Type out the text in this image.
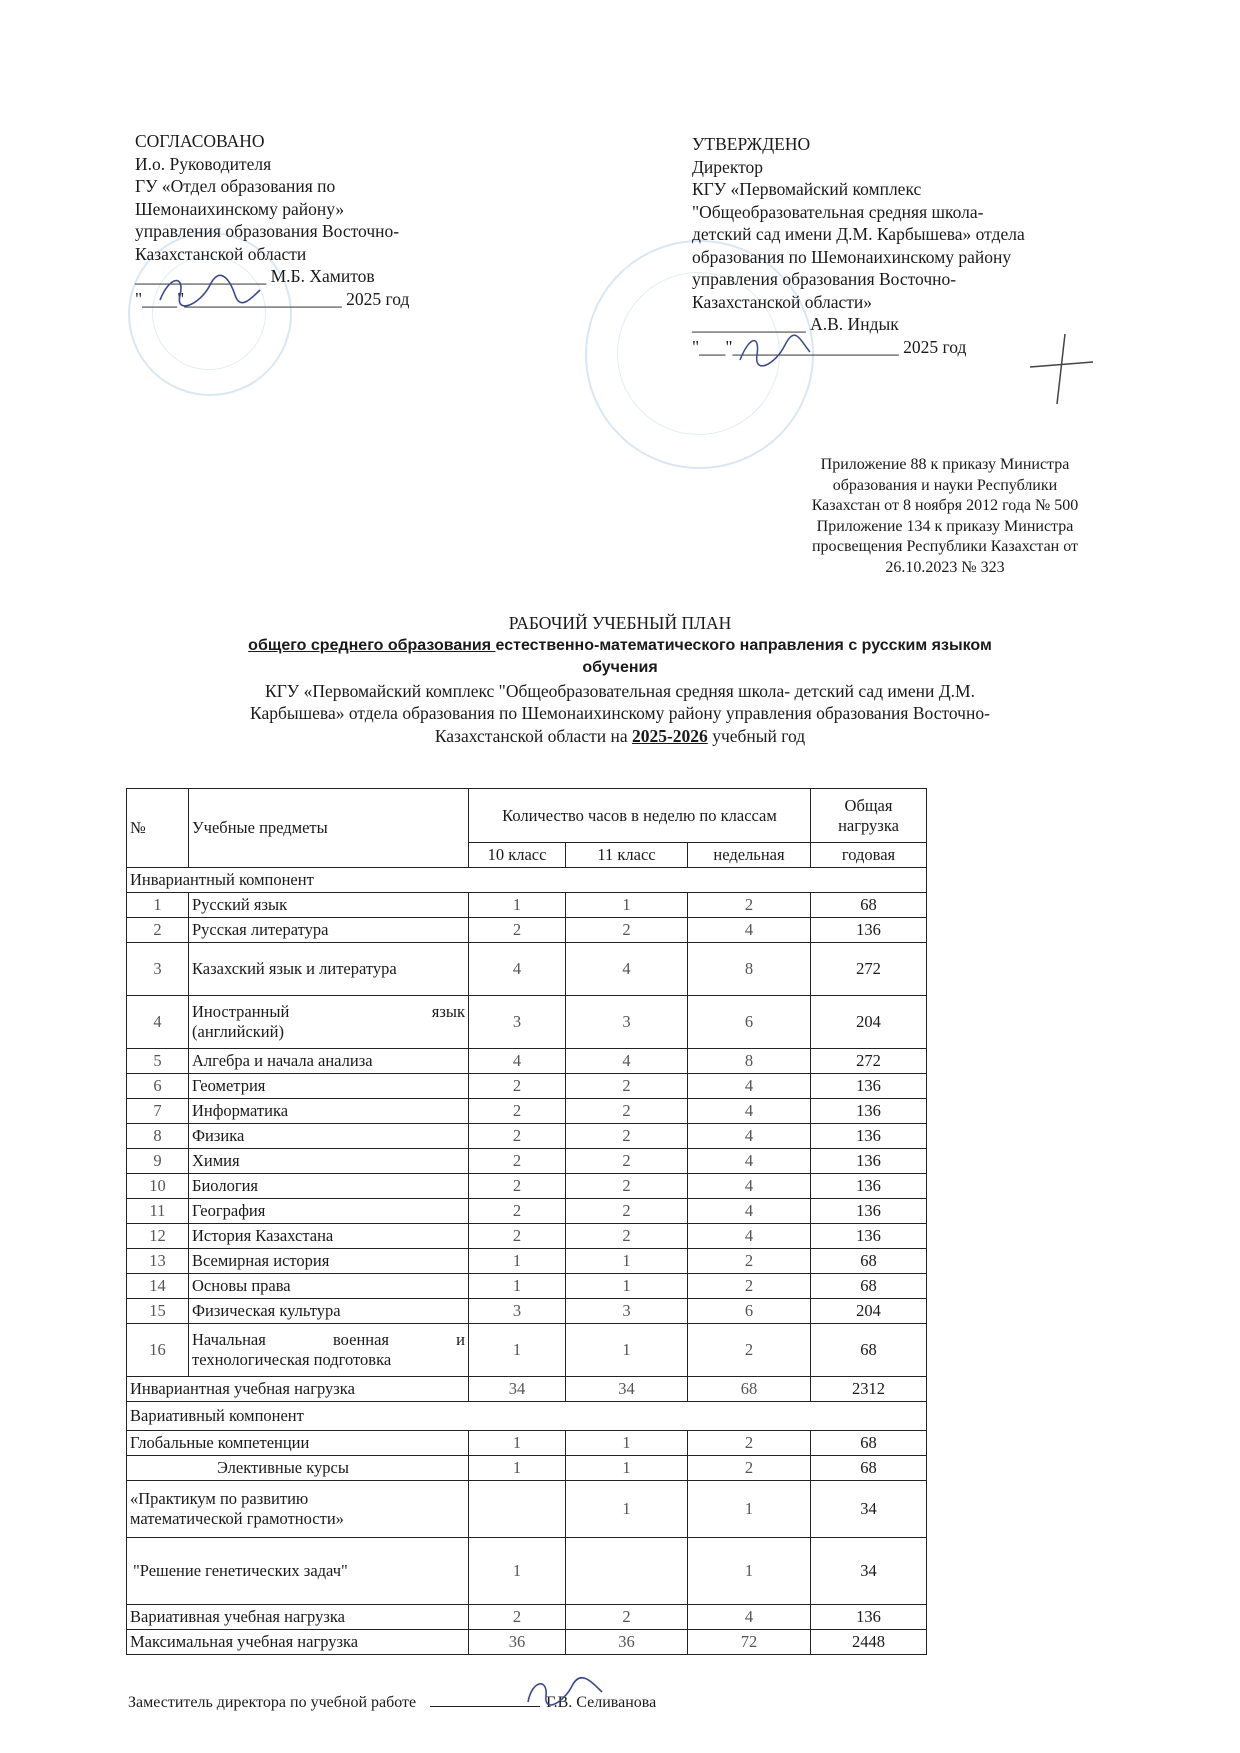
СОГЛАСОВАНО
И.о. Руководителя
ГУ «Отдел образования по
Шемонаихинскому району»
управления образования Восточно-
Казахстанской области
_______________ М.Б. Хамитов
"____"__________________ 2025 год
УТВЕРЖДЕНО
Директор
КГУ «Первомайский комплекс
"Общеобразовательная средняя школа-
детский сад имени Д.М. Карбышева» отдела
образования по Шемонаихинскому району
управления образования Восточно-
Казахстанской области»
_____________ А.В. Индык
"___"___________________ 2025 год
Приложение 88 к приказу Министра образования и науки Республики Казахстан от 8 ноября 2012 года № 500 Приложение 134 к приказу Министра просвещения Республики Казахстан от 26.10.2023 № 323
РАБОЧИЙ УЧЕБНЫЙ ПЛАН
общего среднего образования естественно-математического направления с русским языком
обучения
КГУ «Первомайский комплекс "Общеобразовательная средняя школа- детский сад имени Д.М.
Карбышева» отдела образования по Шемонаихинскому району управления образования Восточно-
Казахстанской области на 2025-2026 учебный год
№	Учебные предметы	Количество часов в неделю по классам			Общая нагрузка
		10 класс	11 класс	недельная	годовая
Инвариантный компонент					
1	Русский язык	1	1	2	68
2	Русская литература	2	2	4	136
3	Казахский язык и литература	4	4	8	272
4	Иностранный язык
(английский)	3	3	6	204
5	Алгебра и начала анализа	4	4	8	272
6	Геометрия	2	2	4	136
7	Информатика	2	2	4	136
8	Физика	2	2	4	136
9	Химия	2	2	4	136
10	Биология	2	2	4	136
11	География	2	2	4	136
12	История Казахстана	2	2	4	136
13	Всемирная история	1	1	2	68
14	Основы права	1	1	2	68
15	Физическая культура	3	3	6	204
16	Начальная военная и
технологическая подготовка	1	1	2	68
Инвариантная учебная нагрузка		34	34	68	2312
Вариативный компонент					
Глобальные компетенции		1	1	2	68
Элективные курсы		1	1	2	68

«Практикум по развитию
математической грамотности»			1	1	34
"Решение генетических задач"		1		1	34
Вариативная учебная нагрузка		2	2	4	136
Максимальная учебная нагрузка		36	36	72	2448
Заместитель директора по учебной работе	Г.В. Селиванова
